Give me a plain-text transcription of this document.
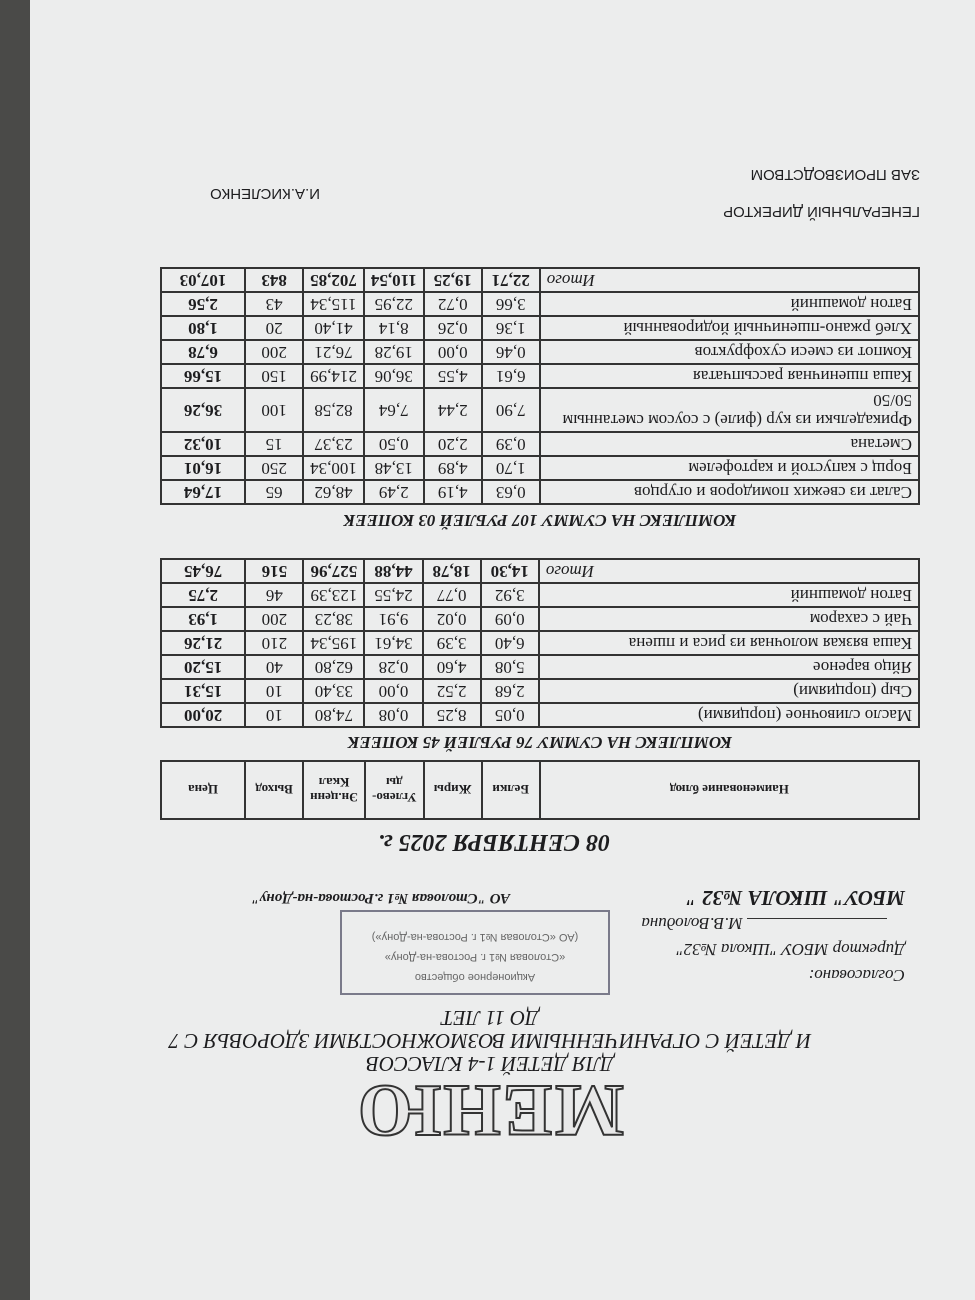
МЕНЮ
ДЛЯ ДЕТЕЙ 1-4 КЛАССОВ
И ДЕТЕЙ С ОГРАНИЧЕННЫМИ ВОЗМОЖНОСТЯМИ ЗДОРОВЬЯ С 7
ДО 11 ЛЕТ
Согласовано:
Директор МБОУ "Школа №32"
М.В.Володина
Акционерное общество
«Столовая №1 г. Ростова-на-Дону»
(АО «Столовая №1 г. Ростова-на-Дону»)
МБОУ" ШКОЛА №32 "
АО "Столовая №1 г.Ростова-на-Дону"
08 СЕНТЯБРЯ 2025 г.
Наименование блюд	Белки	Жиры	Углево-ды	Эн.ценн Ккал	Выход	Цена
КОМПЛЕКС НА СУММУ 76 РУБЛЕЙ 45 КОПЕЕК
Масло сливочное (порциями)	0,05	8,25	0,08	74,80	10	20,00
Сыр (порциями)	2,68	2,52	0,00	33,40	10	15,31
Яйцо вареное	5,08	4,60	0,28	62,80	40	15,20
Каша вязкая молочная из риса и пшена	6,40	3,39	34,61	195,34	210	21,26
Чай с сахаром	0,09	0,02	9,91	38,23	200	1,93
Батон домашний	3,92	0,77	24,55	123,39	46	2,75
Итого	14,30	18,78	44,88	527,96	516	76,45
КОМПЛЕКС НА СУММУ 107 РУБЛЕЙ 03 КОПЕЕК
Салат из свежих помидоров и огурцов	0,63	4,19	2,49	48,62	65	17,64
Борщ с капустой и картофелем	1,70	4,89	13,48	100,34	250	16,01
Сметана	0,39	2,20	0,50	23,37	15	10,32
Фрикадельки из кур (филе) с соусом сметанным 50/50	7,90	2,44	7,64	82,58	100	36,26
Каша пшеничная рассыпчатая	6,61	4,55	36,06	214,99	150	15,66
Компот из смеси сухофруктов	0,46	0,00	19,28	76,21	200	6,78
Хлеб ржано-пшеничный йодированный	1,36	0,26	8,14	41,40	20	1,80
Батон домашний	3,66	0,72	22,95	115,34	43	2,56
Итого	22,71	19,25	110,54	702,85	843	107,03
ГЕНЕРАЛЬНЫЙ ДИРЕКТОР
ЗАВ ПРОИЗВОДСТВОМ
И.А.КИСЛЕНКО
